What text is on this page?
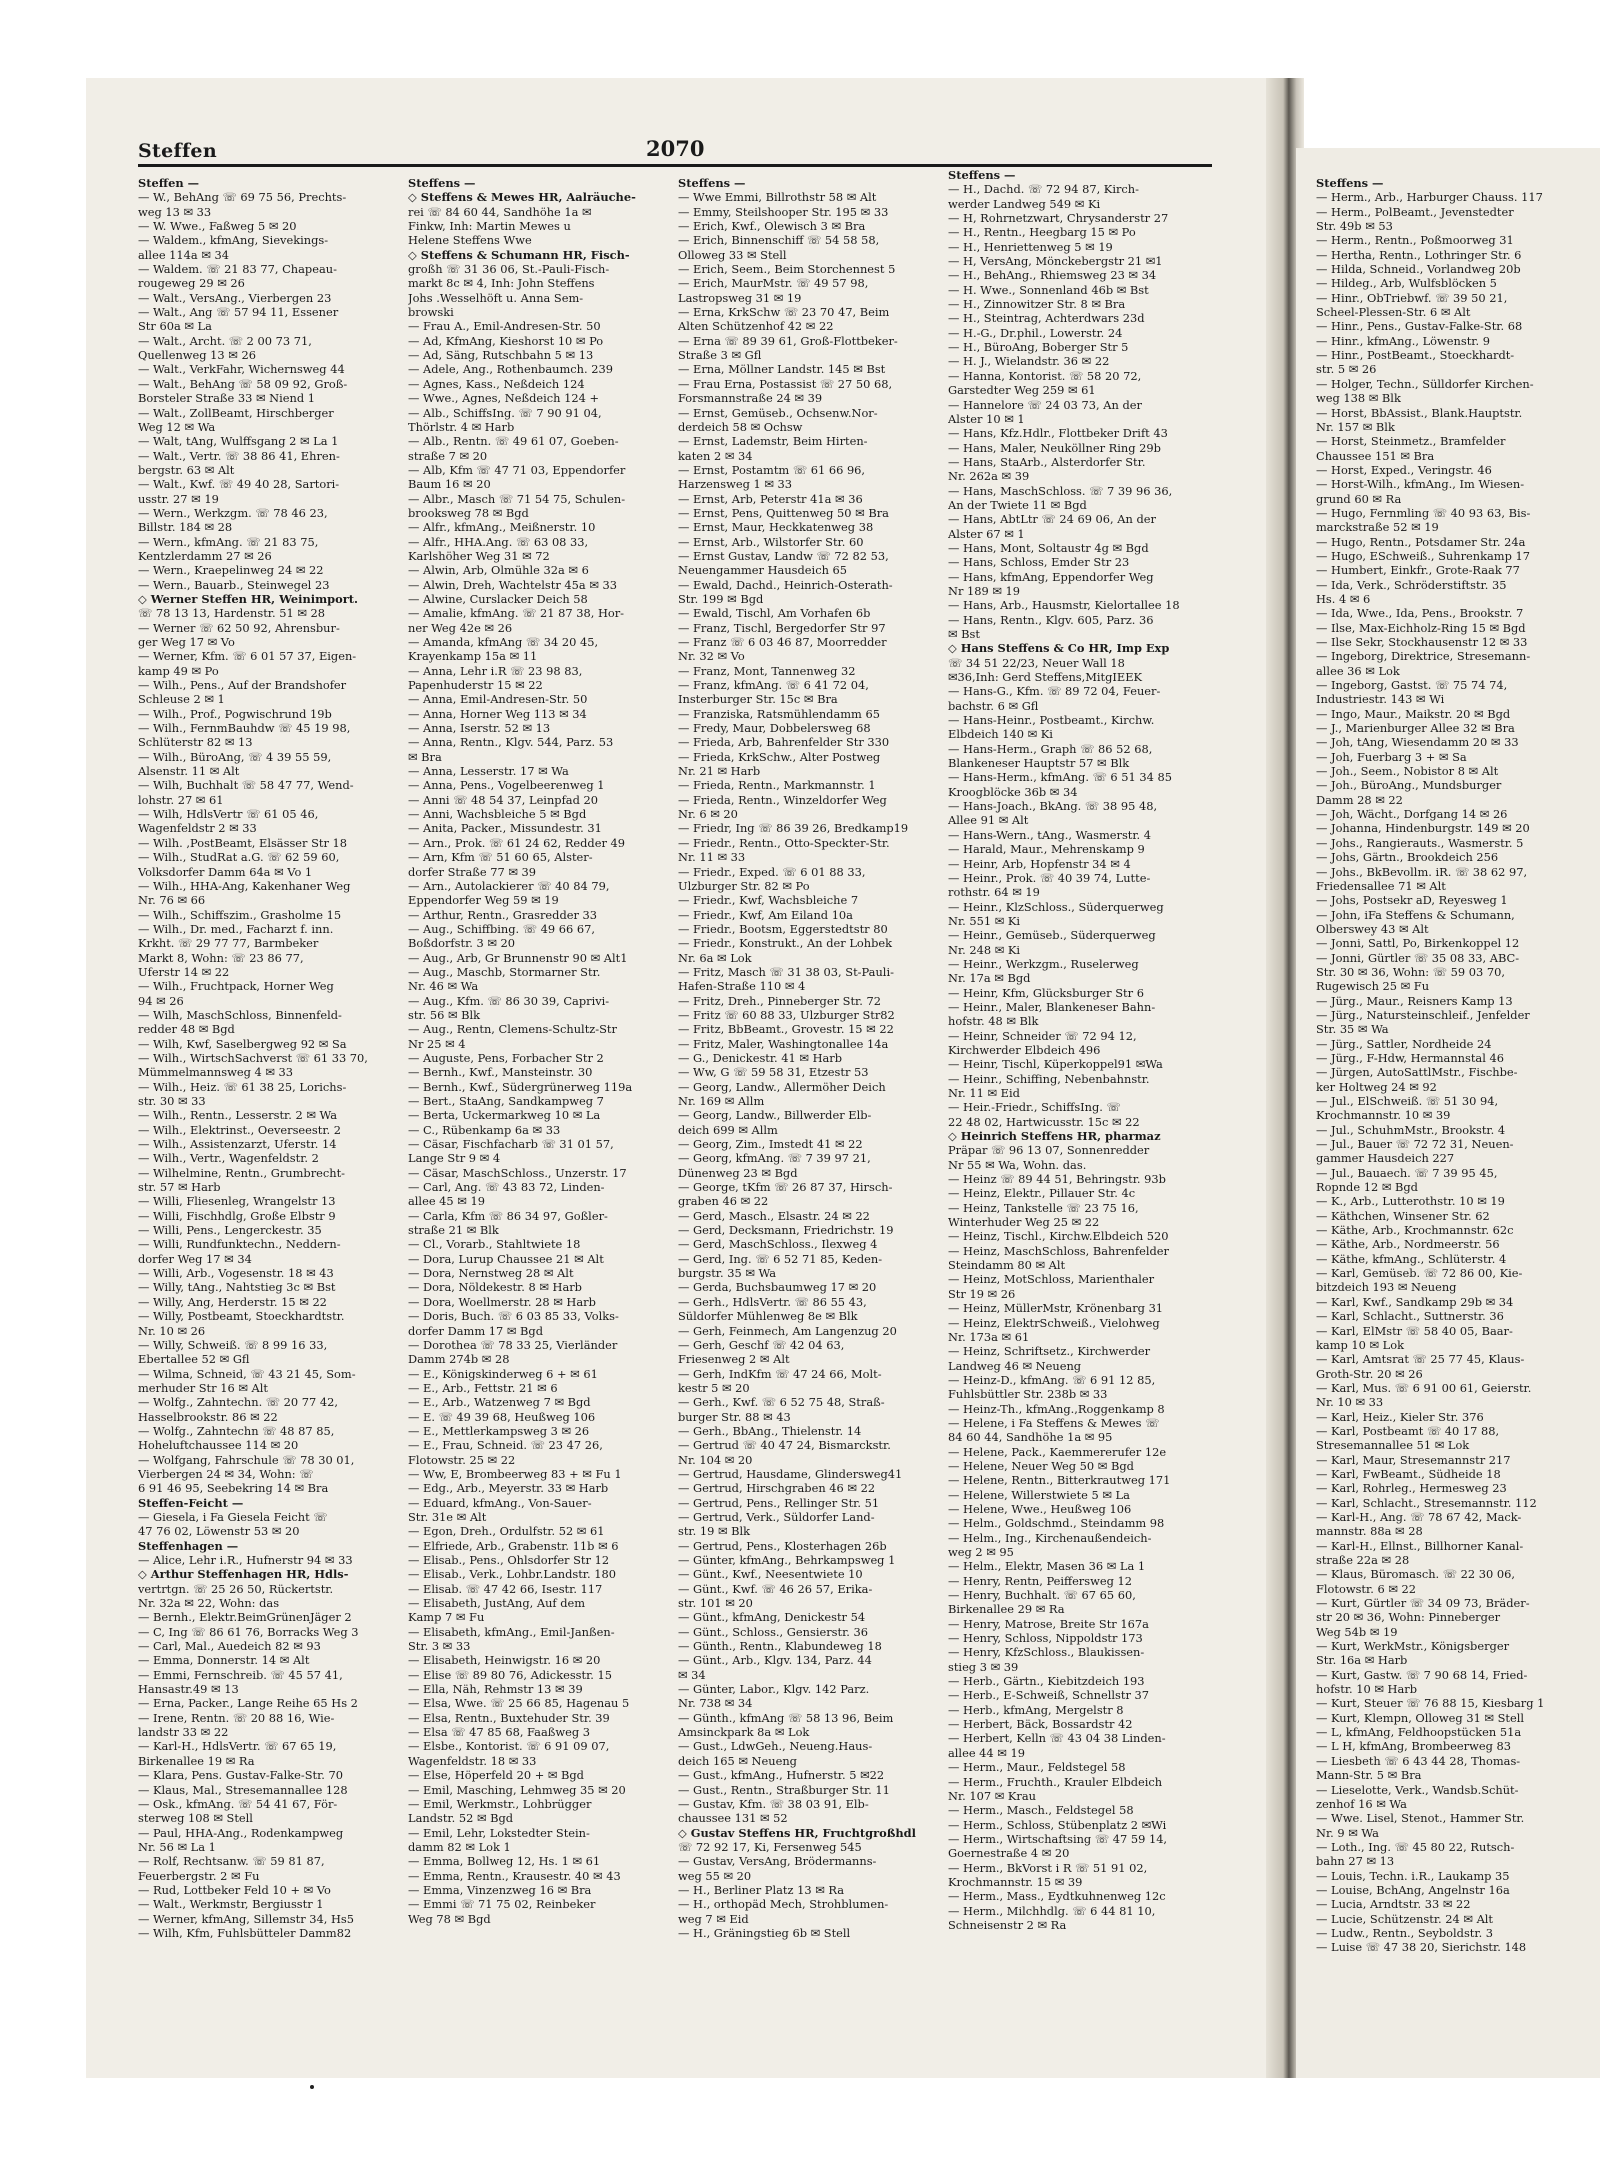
Steffen	2070
Steffen —
— W., BehAng ☏ 69 75 56, Prechts-
weg 13 ✉ 33
— W. Wwe., Faßweg 5 ✉ 20
— Waldem., kfmAng, Sievekings-
allee 114a ✉ 34
— Waldem. ☏ 21 83 77, Chapeau-
rougeweg 29 ✉ 26
— Walt., VersAng., Vierbergen 23
— Walt., Ang ☏ 57 94 11, Essener
Str 60a ✉ La
— Walt., Archt. ☏ 2 00 73 71,
Quellenweg 13 ✉ 26
— Walt., VerkFahr, Wichernsweg 44
— Walt., BehAng ☏ 58 09 92, Groß-
Borsteler Straße 33 ✉ Niend 1
— Walt., ZollBeamt, Hirschberger
Weg 12 ✉ Wa
— Walt, tAng, Wulffsgang 2 ✉ La 1
— Walt., Vertr. ☏ 38 86 41, Ehren-
bergstr. 63 ✉ Alt
— Walt., Kwf. ☏ 49 40 28, Sartori-
usstr. 27 ✉ 19
— Wern., Werkzgm. ☏ 78 46 23,
Billstr. 184 ✉ 28
— Wern., kfmAng. ☏ 21 83 75,
Kentzlerdamm 27 ✉ 26
— Wern., Kraepelinweg 24 ✉ 22
— Wern., Bauarb., Steinwegel 23
◇ Werner Steffen HR, Weinimport.
☏ 78 13 13, Hardenstr. 51 ✉ 28
— Werner ☏ 62 50 92, Ahrensbur-
ger Weg 17 ✉ Vo
— Werner, Kfm. ☏ 6 01 57 37, Eigen-
kamp 49 ✉ Po
— Wilh., Pens., Auf der Brandshofer
Schleuse 2 ✉ 1
— Wilh., Prof., Pogwischrund 19b
— Wilh., FernmBauhdw ☏ 45 19 98,
Schlüterstr 82 ✉ 13
— Wilh., BüroAng, ☏ 4 39 55 59,
Alsenstr. 11 ✉ Alt
— Wilh, Buchhalt ☏ 58 47 77, Wend-
lohstr. 27 ✉ 61
— Wilh, HdlsVertr ☏ 61 05 46,
Wagenfeldstr 2 ✉ 33
— Wilh. ,PostBeamt, Elsässer Str 18
— Wilh., StudRat a.G. ☏ 62 59 60,
Volksdorfer Damm 64a ✉ Vo 1
— Wilh., HHA-Ang, Kakenhaner Weg
Nr. 76 ✉ 66
— Wilh., Schiffszim., Grasholme 15
— Wilh., Dr. med., Facharzt f. inn.
Krkht. ☏ 29 77 77, Barmbeker
Markt 8, Wohn: ☏ 23 86 77,
Uferstr 14 ✉ 22
— Wilh., Fruchtpack, Horner Weg
94 ✉ 26
— Wilh, MaschSchloss, Binnenfeld-
redder 48 ✉ Bgd
— Wilh, Kwf, Saselbergweg 92 ✉ Sa
— Wilh., WirtschSachverst ☏ 61 33 70,
Mümmelmannsweg 4 ✉ 33
— Wilh., Heiz. ☏ 61 38 25, Lorichs-
str. 30 ✉ 33
— Wilh., Rentn., Lesserstr. 2 ✉ Wa
— Wilh., Elektrinst., Oeverseestr. 2
— Wilh., Assistenzarzt, Uferstr. 14
— Wilh., Vertr., Wagenfeldstr. 2
— Wilhelmine, Rentn., Grumbrecht-
str. 57 ✉ Harb
— Willi, Fliesenleg, Wrangelstr 13
— Willi, Fischhdlg, Große Elbstr 9
— Willi, Pens., Lengerckestr. 35
— Willi, Rundfunktechn., Neddern-
dorfer Weg 17 ✉ 34
— Willi, Arb., Vogesenstr. 18 ✉ 43
— Willy, tAng., Nahtstieg 3c ✉ Bst
— Willy, Ang, Herderstr. 15 ✉ 22
— Willy, Postbeamt, Stoeckhardtstr.
Nr. 10 ✉ 26
— Willy, Schweiß. ☏ 8 99 16 33,
Ebertallee 52 ✉ Gfl
— Wilma, Schneid, ☏ 43 21 45, Som-
merhuder Str 16 ✉ Alt
— Wolfg., Zahntechn. ☏ 20 77 42,
Hasselbrookstr. 86 ✉ 22
— Wolfg., Zahntechn ☏ 48 87 85,
Hoheluftchaussee 114 ✉ 20
— Wolfgang, Fahrschule ☏ 78 30 01,
Vierbergen 24 ✉ 34, Wohn: ☏
6 91 46 95, Seebekring 14 ✉ Bra
Steffen-Feicht —
— Giesela, i Fa Giesela Feicht ☏
47 76 02, Löwenstr 53 ✉ 20
Steffenhagen —
— Alice, Lehr i.R., Hufnerstr 94 ✉ 33
◇ Arthur Steffenhagen HR, Hdls-
vertrtgn. ☏ 25 26 50, Rückertstr.
Nr. 32a ✉ 22, Wohn: das
— Bernh., Elektr.BeimGrünenJäger 2
— C, Ing ☏ 86 61 76, Borracks Weg 3
— Carl, Mal., Auedeich 82 ✉ 93
— Emma, Donnerstr. 14 ✉ Alt
— Emmi, Fernschreib. ☏ 45 57 41,
Hansastr.49 ✉ 13
— Erna, Packer., Lange Reihe 65 Hs 2
— Irene, Rentn. ☏ 20 88 16, Wie-
landstr 33 ✉ 22
— Karl-H., HdlsVertr. ☏ 67 65 19,
Birkenallee 19 ✉ Ra
— Klara, Pens. Gustav-Falke-Str. 70
— Klaus, Mal., Stresemannallee 128
— Osk., kfmAng. ☏ 54 41 67, För-
sterweg 108 ✉ Stell
— Paul, HHA-Ang., Rodenkampweg
Nr. 56 ✉ La 1
— Rolf, Rechtsanw. ☏ 59 81 87,
Feuerbergstr. 2 ✉ Fu
— Rud, Lottbeker Feld 10 + ✉ Vo
— Walt., Werkmstr, Bergiusstr 1
— Werner, kfmAng, Sillemstr 34, Hs5
— Wilh, Kfm, Fuhlsbütteler Damm82
Steffens —
◇ Steffens & Mewes HR, Aalräuche-
rei ☏ 84 60 44, Sandhöhe 1a ✉
Finkw, Inh: Martin Mewes u
Helene Steffens Wwe
◇ Steffens & Schumann HR, Fisch-
großh ☏ 31 36 06, St.-Pauli-Fisch-
markt 8c ✉ 4, Inh: John Steffens
Johs .Wesselhöft u. Anna Sem-
browski
— Frau A., Emil-Andresen-Str. 50
— Ad, KfmAng, Kieshorst 10 ✉ Po
— Ad, Säng, Rutschbahn 5 ✉ 13
— Adele, Ang., Rothenbaumch. 239
— Agnes, Kass., Neßdeich 124
— Wwe., Agnes, Neßdeich 124 +
— Alb., SchiffsIng. ☏ 7 90 91 04,
Thörlstr. 4 ✉ Harb
— Alb., Rentn. ☏ 49 61 07, Goeben-
straße 7 ✉ 20
— Alb, Kfm ☏ 47 71 03, Eppendorfer
Baum 16 ✉ 20
— Albr., Masch ☏ 71 54 75, Schulen-
brooksweg 78 ✉ Bgd
— Alfr., kfmAng., Meißnerstr. 10
— Alfr., HHA.Ang. ☏ 63 08 33,
Karlshöher Weg 31 ✉ 72
— Alwin, Arb, Olmühle 32a ✉ 6
— Alwin, Dreh, Wachtelstr 45a ✉ 33
— Alwine, Curslacker Deich 58
— Amalie, kfmAng. ☏ 21 87 38, Hor-
ner Weg 42e ✉ 26
— Amanda, kfmAng ☏ 34 20 45,
Krayenkamp 15a ✉ 11
— Anna, Lehr i.R ☏ 23 98 83,
Papenhuderstr 15 ✉ 22
— Anna, Emil-Andresen-Str. 50
— Anna, Horner Weg 113 ✉ 34
— Anna, Iserstr. 52 ✉ 13
— Anna, Rentn., Klgv. 544, Parz. 53
✉ Bra
— Anna, Lesserstr. 17 ✉ Wa
— Anna, Pens., Vogelbeerenweg 1
— Anni ☏ 48 54 37, Leinpfad 20
— Anni, Wachsbleiche 5 ✉ Bgd
— Anita, Packer., Missundestr. 31
— Arn., Prok. ☏ 61 24 62, Redder 49
— Arn, Kfm ☏ 51 60 65, Alster-
dorfer Straße 77 ✉ 39
— Arn., Autolackierer ☏ 40 84 79,
Eppendorfer Weg 59 ✉ 19
— Arthur, Rentn., Grasredder 33
— Aug., Schiffbing. ☏ 49 66 67,
Boßdorfstr. 3 ✉ 20
— Aug., Arb, Gr Brunnenstr 90 ✉ Alt1
— Aug., Maschb, Stormarner Str.
Nr. 46 ✉ Wa
— Aug., Kfm. ☏ 86 30 39, Caprivi-
str. 56 ✉ Blk
— Aug., Rentn, Clemens-Schultz-Str
Nr 25 ✉ 4
— Auguste, Pens, Forbacher Str 2
— Bernh., Kwf., Mansteinstr. 30
— Bernh., Kwf., Südergrünerweg 119a
— Bert., StaAng, Sandkampweg 7
— Berta, Uckermarkweg 10 ✉ La
— C., Rübenkamp 6a ✉ 33
— Cäsar, Fischfacharb ☏ 31 01 57,
Lange Str 9 ✉ 4
— Cäsar, MaschSchloss., Unzerstr. 17
— Carl, Ang. ☏ 43 83 72, Linden-
allee 45 ✉ 19
— Carla, Kfm ☏ 86 34 97, Goßler-
straße 21 ✉ Blk
— Cl., Vorarb., Stahltwiete 18
— Dora, Lurup Chaussee 21 ✉ Alt
— Dora, Nernstweg 28 ✉ Alt
— Dora, Nöldekestr. 8 ✉ Harb
— Dora, Woellmerstr. 28 ✉ Harb
— Doris, Buch. ☏ 6 03 85 33, Volks-
dorfer Damm 17 ✉ Bgd
— Dorothea ☏ 78 33 25, Vierländer
Damm 274b ✉ 28
— E., Königskinderweg 6 + ✉ 61
— E., Arb., Fettstr. 21 ✉ 6
— E., Arb., Watzenweg 7 ✉ Bgd
— E. ☏ 49 39 68, Heußweg 106
— E., Mettlerkampsweg 3 ✉ 26
— E., Frau, Schneid. ☏ 23 47 26,
Flotowstr. 25 ✉ 22
— Ww, E, Brombeerweg 83 + ✉ Fu 1
— Edg., Arb., Meyerstr. 33 ✉ Harb
— Eduard, kfmAng., Von-Sauer-
Str. 31e ✉ Alt
— Egon, Dreh., Ordulfstr. 52 ✉ 61
— Elfriede, Arb., Grabenstr. 11b ✉ 6
— Elisab., Pens., Ohlsdorfer Str 12
— Elisab., Verk., Lohbr.Landstr. 180
— Elisab. ☏ 47 42 66, Isestr. 117
— Elisabeth, JustAng, Auf dem
Kamp 7 ✉ Fu
— Elisabeth, kfmAng., Emil-Janßen-
Str. 3 ✉ 33
— Elisabeth, Heinwigstr. 16 ✉ 20
— Elise ☏ 89 80 76, Adickesstr. 15
— Ella, Näh, Rehmstr 13 ✉ 39
— Elsa, Wwe. ☏ 25 66 85, Hagenau 5
— Elsa, Rentn., Buxtehuder Str. 39
— Elsa ☏ 47 85 68, Faaßweg 3
— Elsbe., Kontorist. ☏ 6 91 09 07,
Wagenfeldstr. 18 ✉ 33
— Else, Höperfeld 20 + ✉ Bgd
— Emil, Masching, Lehmweg 35 ✉ 20
— Emil, Werkmstr., Lohbrügger
Landstr. 52 ✉ Bgd
— Emil, Lehr, Lokstedter Stein-
damm 82 ✉ Lok 1
— Emma, Bollweg 12, Hs. 1 ✉ 61
— Emma, Rentn., Krausestr. 40 ✉ 43
— Emma, Vinzenzweg 16 ✉ Bra
— Emmi ☏ 71 75 02, Reinbeker
Weg 78 ✉ Bgd
Steffens —
— Wwe Emmi, Billrothstr 58 ✉ Alt
— Emmy, Steilshooper Str. 195 ✉ 33
— Erich, Kwf., Olewisch 3 ✉ Bra
— Erich, Binnenschiff ☏ 54 58 58,
Olloweg 33 ✉ Stell
— Erich, Seem., Beim Storchennest 5
— Erich, MaurMstr. ☏ 49 57 98,
Lastropsweg 31 ✉ 19
— Erna, KrkSchw ☏ 23 70 47, Beim
Alten Schützenhof 42 ✉ 22
— Erna ☏ 89 39 61, Groß-Flottbeker-
Straße 3 ✉ Gfl
— Erna, Möllner Landstr. 145 ✉ Bst
— Frau Erna, Postassist ☏ 27 50 68,
Forsmannstraße 24 ✉ 39
— Ernst, Gemüseb., Ochsenw.Nor-
derdeich 58 ✉ Ochsw
— Ernst, Lademstr, Beim Hirten-
katen 2 ✉ 34
— Ernst, Postamtm ☏ 61 66 96,
Harzensweg 1 ✉ 33
— Ernst, Arb, Peterstr 41a ✉ 36
— Ernst, Pens, Quittenweg 50 ✉ Bra
— Ernst, Maur, Heckkatenweg 38
— Ernst, Arb., Wilstorfer Str. 60
— Ernst Gustav, Landw ☏ 72 82 53,
Neuengammer Hausdeich 65
— Ewald, Dachd., Heinrich-Osterath-
Str. 199 ✉ Bgd
— Ewald, Tischl, Am Vorhafen 6b
— Franz, Tischl, Bergedorfer Str 97
— Franz ☏ 6 03 46 87, Moorredder
Nr. 32 ✉ Vo
— Franz, Mont, Tannenweg 32
— Franz, kfmAng. ☏ 6 41 72 04,
Insterburger Str. 15c ✉ Bra
— Franziska, Ratsmühlendamm 65
— Fredy, Maur, Dobbelersweg 68
— Frieda, Arb, Bahrenfelder Str 330
— Frieda, KrkSchw., Alter Postweg
Nr. 21 ✉ Harb
— Frieda, Rentn., Markmannstr. 1
— Frieda, Rentn., Winzeldorfer Weg
Nr. 6 ✉ 20
— Friedr, Ing ☏ 86 39 26, Bredkamp19
— Friedr., Rentn., Otto-Speckter-Str.
Nr. 11 ✉ 33
— Friedr., Exped. ☏ 6 01 88 33,
Ulzburger Str. 82 ✉ Po
— Friedr., Kwf, Wachsbleiche 7
— Friedr., Kwf, Am Eiland 10a
— Friedr., Bootsm, Eggerstedtstr 80
— Friedr., Konstrukt., An der Lohbek
Nr. 6a ✉ Lok
— Fritz, Masch ☏ 31 38 03, St-Pauli-
Hafen-Straße 110 ✉ 4
— Fritz, Dreh., Pinneberger Str. 72
— Fritz ☏ 60 88 33, Ulzburger Str82
— Fritz, BbBeamt., Grovestr. 15 ✉ 22
— Fritz, Maler, Washingtonallee 14a
— G., Denickestr. 41 ✉ Harb
— Ww, G ☏ 59 58 31, Etzestr 53
— Georg, Landw., Allermöher Deich
Nr. 169 ✉ Allm
— Georg, Landw., Billwerder Elb-
deich 699 ✉ Allm
— Georg, Zim., Imstedt 41 ✉ 22
— Georg, kfmAng. ☏ 7 39 97 21,
Dünenweg 23 ✉ Bgd
— George, tKfm ☏ 26 87 37, Hirsch-
graben 46 ✉ 22
— Gerd, Masch., Elsastr. 24 ✉ 22
— Gerd, Decksmann, Friedrichstr. 19
— Gerd, MaschSchloss., Ilexweg 4
— Gerd, Ing. ☏ 6 52 71 85, Keden-
burgstr. 35 ✉ Wa
— Gerda, Buchsbaumweg 17 ✉ 20
— Gerh., HdlsVertr. ☏ 86 55 43,
Süldorfer Mühlenweg 8e ✉ Blk
— Gerh, Feinmech, Am Langenzug 20
— Gerh, Geschf ☏ 42 04 63,
Friesenweg 2 ✉ Alt
— Gerh, IndKfm ☏ 47 24 66, Molt-
kestr 5 ✉ 20
— Gerh., Kwf. ☏ 6 52 75 48, Straß-
burger Str. 88 ✉ 43
— Gerh., BbAng., Thielenstr. 14
— Gertrud ☏ 40 47 24, Bismarckstr.
Nr. 104 ✉ 20
— Gertrud, Hausdame, Glindersweg41
— Gertrud, Hirschgraben 46 ✉ 22
— Gertrud, Pens., Rellinger Str. 51
— Gertrud, Verk., Süldorfer Land-
str. 19 ✉ Blk
— Gertrud, Pens., Klosterhagen 26b
— Günter, kfmAng., Behrkampsweg 1
— Günt., Kwf., Neesentwiete 10
— Günt., Kwf. ☏ 46 26 57, Erika-
str. 101 ✉ 20
— Günt., kfmAng, Denickestr 54
— Günt., Schloss., Gensierstr. 36
— Günth., Rentn., Klabundeweg 18
— Günt., Arb., Klgv. 134, Parz. 44
✉ 34
— Günter, Labor., Klgv. 142 Parz.
Nr. 738 ✉ 34
— Günth., kfmAng ☏ 58 13 96, Beim
Amsinckpark 8a ✉ Lok
— Gust., LdwGeh., Neueng.Haus-
deich 165 ✉ Neueng
— Gust., kfmAng., Hufnerstr. 5 ✉22
— Gust., Rentn., Straßburger Str. 11
— Gustav, Kfm. ☏ 38 03 91, Elb-
chaussee 131 ✉ 52
◇ Gustav Steffens HR, Fruchtgroßhdl
☏ 72 92 17, Ki, Fersenweg 545
— Gustav, VersAng, Brödermanns-
weg 55 ✉ 20
— H., Berliner Platz 13 ✉ Ra
— H., orthopäd Mech, Strohblumen-
weg 7 ✉ Eid
— H., Gräningstieg 6b ✉ Stell
Steffens —
— H., Dachd. ☏ 72 94 87, Kirch-
werder Landweg 549 ✉ Ki
— H, Rohrnetzwart, Chrysanderstr 27
— H., Rentn., Heegbarg 15 ✉ Po
— H., Henriettenweg 5 ✉ 19
— H, VersAng, Mönckebergstr 21 ✉1
— H., BehAng., Rhiemsweg 23 ✉ 34
— H. Wwe., Sonnenland 46b ✉ Bst
— H., Zinnowitzer Str. 8 ✉ Bra
— H., Steintrag, Achterdwars 23d
— H.-G., Dr.phil., Lowerstr. 24
— H., BüroAng, Boberger Str 5
— H. J., Wielandstr. 36 ✉ 22
— Hanna, Kontorist. ☏ 58 20 72,
Garstedter Weg 259 ✉ 61
— Hannelore ☏ 24 03 73, An der
Alster 10 ✉ 1
— Hans, Kfz.Hdlr., Flottbeker Drift 43
— Hans, Maler, Neuköllner Ring 29b
— Hans, StaArb., Alsterdorfer Str.
Nr. 262a ✉ 39
— Hans, MaschSchloss. ☏ 7 39 96 36,
An der Twiete 11 ✉ Bgd
— Hans, AbtLtr ☏ 24 69 06, An der
Alster 67 ✉ 1
— Hans, Mont, Soltaustr 4g ✉ Bgd
— Hans, Schloss, Emder Str 23
— Hans, kfmAng, Eppendorfer Weg
Nr 189 ✉ 19
— Hans, Arb., Hausmstr, Kielortallee 18
— Hans, Rentn., Klgv. 605, Parz. 36
✉ Bst
◇ Hans Steffens & Co HR, Imp Exp
☏ 34 51 22/23, Neuer Wall 18
✉36,Inh: Gerd Steffens,MitgIEEK
— Hans-G., Kfm. ☏ 89 72 04, Feuer-
bachstr. 6 ✉ Gfl
— Hans-Heinr., Postbeamt., Kirchw.
Elbdeich 140 ✉ Ki
— Hans-Herm., Graph ☏ 86 52 68,
Blankeneser Hauptstr 57 ✉ Blk
— Hans-Herm., kfmAng. ☏ 6 51 34 85
Kroogblöcke 36b ✉ 34
— Hans-Joach., BkAng. ☏ 38 95 48,
Allee 91 ✉ Alt
— Hans-Wern., tAng., Wasmerstr. 4
— Harald, Maur., Mehrenskamp 9
— Heinr, Arb, Hopfenstr 34 ✉ 4
— Heinr., Prok. ☏ 40 39 74, Lutte-
rothstr. 64 ✉ 19
— Heinr., KlzSchloss., Süderquerweg
Nr. 551 ✉ Ki
— Heinr., Gemüseb., Süderquerweg
Nr. 248 ✉ Ki
— Heinr., Werkzgm., Ruselerweg
Nr. 17a ✉ Bgd
— Heinr, Kfm, Glücksburger Str 6
— Heinr., Maler, Blankeneser Bahn-
hofstr. 48 ✉ Blk
— Heinr, Schneider ☏ 72 94 12,
Kirchwerder Elbdeich 496
— Heinr, Tischl, Küperkoppel91 ✉Wa
— Heinr., Schiffing, Nebenbahnstr.
Nr. 11 ✉ Eid
— Heir.-Friedr., SchiffsIng. ☏
22 48 02, Hartwicusstr. 15c ✉ 22
◇ Heinrich Steffens HR, pharmaz
Präpar ☏ 96 13 07, Sonnenredder
Nr 55 ✉ Wa, Wohn. das.
— Heinz ☏ 89 44 51, Behringstr. 93b
— Heinz, Elektr., Pillauer Str. 4c
— Heinz, Tankstelle ☏ 23 75 16,
Winterhuder Weg 25 ✉ 22
— Heinz, Tischl., Kirchw.Elbdeich 520
— Heinz, MaschSchloss, Bahrenfelder
Steindamm 80 ✉ Alt
— Heinz, MotSchloss, Marienthaler
Str 19 ✉ 26
— Heinz, MüllerMstr, Krönenbarg 31
— Heinz, ElektrSchweiß., Vielohweg
Nr. 173a ✉ 61
— Heinz, Schriftsetz., Kirchwerder
Landweg 46 ✉ Neueng
— Heinz-D., kfmAng. ☏ 6 91 12 85,
Fuhlsbüttler Str. 238b ✉ 33
— Heinz-Th., kfmAng.,Roggenkamp 8
— Helene, i Fa Steffens & Mewes ☏
84 60 44, Sandhöhe 1a ✉ 95
— Helene, Pack., Kaemmererufer 12e
— Helene, Neuer Weg 50 ✉ Bgd
— Helene, Rentn., Bitterkrautweg 171
— Helene, Willerstwiete 5 ✉ La
— Helene, Wwe., Heußweg 106
— Helm., Goldschmd., Steindamm 98
— Helm., Ing., Kirchenaußendeich-
weg 2 ✉ 95
— Helm., Elektr, Masen 36 ✉ La 1
— Henry, Rentn, Peiffersweg 12
— Henry, Buchhalt. ☏ 67 65 60,
Birkenallee 29 ✉ Ra
— Henry, Matrose, Breite Str 167a
— Henry, Schloss, Nippoldstr 173
— Henry, KfzSchloss., Blaukissen-
stieg 3 ✉ 39
— Herb., Gärtn., Kiebitzdeich 193
— Herb., E-Schweiß, Schnellstr 37
— Herb., kfmAng, Mergelstr 8
— Herbert, Bäck, Bossardstr 42
— Herbert, Kelln ☏ 43 04 38 Linden-
allee 44 ✉ 19
— Herm., Maur., Feldstegel 58
— Herm., Fruchth., Krauler Elbdeich
Nr. 107 ✉ Krau
— Herm., Masch., Feldstegel 58
— Herm., Schloss, Stübenplatz 2 ✉Wi
— Herm., Wirtschaftsing ☏ 47 59 14,
Goernestraße 4 ✉ 20
— Herm., BkVorst i R ☏ 51 91 02,
Krochmannstr. 15 ✉ 39
— Herm., Mass., Eydtkuhnenweg 12c
— Herm., Milchhdlg. ☏ 6 44 81 10,
Schneisenstr 2 ✉ Ra
Steffens —
— Herm., Arb., Harburger Chauss. 117
— Herm., PolBeamt., Jevenstedter
Str. 49b ✉ 53
— Herm., Rentn., Poßmoorweg 31
— Hertha, Rentn., Lothringer Str. 6
— Hilda, Schneid., Vorlandweg 20b
— Hildeg., Arb, Wulfsblöcken 5
— Hinr., ObTriebwf. ☏ 39 50 21,
Scheel-Plessen-Str. 6 ✉ Alt
— Hinr., Pens., Gustav-Falke-Str. 68
— Hinr., kfmAng., Löwenstr. 9
— Hinr., PostBeamt., Stoeckhardt-
str. 5 ✉ 26
— Holger, Techn., Sülldorfer Kirchen-
weg 138 ✉ Blk
— Horst, BbAssist., Blank.Hauptstr.
Nr. 157 ✉ Blk
— Horst, Steinmetz., Bramfelder
Chaussee 151 ✉ Bra
— Horst, Exped., Veringstr. 46
— Horst-Wilh., kfmAng., Im Wiesen-
grund 60 ✉ Ra
— Hugo, Fernmling ☏ 40 93 63, Bis-
marckstraße 52 ✉ 19
— Hugo, Rentn., Potsdamer Str. 24a
— Hugo, ESchweiß., Suhrenkamp 17
— Humbert, Einkfr., Grote-Raak 77
— Ida, Verk., Schröderstiftstr. 35
Hs. 4 ✉ 6
— Ida, Wwe., Ida, Pens., Brookstr. 7
— Ilse, Max-Eichholz-Ring 15 ✉ Bgd
— Ilse Sekr, Stockhausenstr 12 ✉ 33
— Ingeborg, Direktrice, Stresemann-
allee 36 ✉ Lok
— Ingeborg, Gastst. ☏ 75 74 74,
Industriestr. 143 ✉ Wi
— Ingo, Maur., Maikstr. 20 ✉ Bgd
— J., Marienburger Allee 32 ✉ Bra
— Joh, tAng, Wiesendamm 20 ✉ 33
— Joh, Fuerbarg 3 + ✉ Sa
— Joh., Seem., Nobistor 8 ✉ Alt
— Joh., BüroAng., Mundsburger
Damm 28 ✉ 22
— Joh, Wächt., Dorfgang 14 ✉ 26
— Johanna, Hindenburgstr. 149 ✉ 20
— Johs., Rangierauts., Wasmerstr. 5
— Johs, Gärtn., Brookdeich 256
— Johs., BkBevollm. iR. ☏ 38 62 97,
Friedensallee 71 ✉ Alt
— Johs, Postsekr aD, Reyesweg 1
— John, iFa Steffens & Schumann,
Olberswey 43 ✉ Alt
— Jonni, Sattl, Po, Birkenkoppel 12
— Jonni, Gürtler ☏ 35 08 33, ABC-
Str. 30 ✉ 36, Wohn: ☏ 59 03 70,
Rugewisch 25 ✉ Fu
— Jürg., Maur., Reisners Kamp 13
— Jürg., Natursteinschleif., Jenfelder
Str. 35 ✉ Wa
— Jürg., Sattler, Nordheide 24
— Jürg., F-Hdw, Hermannstal 46
— Jürgen, AutoSattlMstr., Fischbe-
ker Holtweg 24 ✉ 92
— Jul., ElSchweiß. ☏ 51 30 94,
Krochmannstr. 10 ✉ 39
— Jul., SchuhmMstr., Brookstr. 4
— Jul., Bauer ☏ 72 72 31, Neuen-
gammer Hausdeich 227
— Jul., Bauaech. ☏ 7 39 95 45,
Ropnde 12 ✉ Bgd
— K., Arb., Lutterothstr. 10 ✉ 19
— Käthchen, Winsener Str. 62
— Käthe, Arb., Krochmannstr. 62c
— Käthe, Arb., Nordmeerstr. 56
— Käthe, kfmAng., Schlüterstr. 4
— Karl, Gemüseb. ☏ 72 86 00, Kie-
bitzdeich 193 ✉ Neueng
— Karl, Kwf., Sandkamp 29b ✉ 34
— Karl, Schlacht., Suttnerstr. 36
— Karl, ElMstr ☏ 58 40 05, Baar-
kamp 10 ✉ Lok
— Karl, Amtsrat ☏ 25 77 45, Klaus-
Groth-Str. 20 ✉ 26
— Karl, Mus. ☏ 6 91 00 61, Geierstr.
Nr. 10 ✉ 33
— Karl, Heiz., Kieler Str. 376
— Karl, Postbeamt ☏ 40 17 88,
Stresemannallee 51 ✉ Lok
— Karl, Maur, Stresemannstr 217
— Karl, FwBeamt., Südheide 18
— Karl, Rohrleg., Hermesweg 23
— Karl, Schlacht., Stresemannstr. 112
— Karl-H., Ang. ☏ 78 67 42, Mack-
mannstr. 88a ✉ 28
— Karl-H., Ellnst., Billhorner Kanal-
straße 22a ✉ 28
— Klaus, Büromasch. ☏ 22 30 06,
Flotowstr. 6 ✉ 22
— Kurt, Gürtler ☏ 34 09 73, Bräder-
str 20 ✉ 36, Wohn: Pinneberger
Weg 54b ✉ 19
— Kurt, WerkMstr., Königsberger
Str. 16a ✉ Harb
— Kurt, Gastw. ☏ 7 90 68 14, Fried-
hofstr. 10 ✉ Harb
— Kurt, Steuer ☏ 76 88 15, Kiesbarg 1
— Kurt, Klempn, Olloweg 31 ✉ Stell
— L, kfmAng, Feldhoopstücken 51a
— L H, kfmAng, Brombeerweg 83
— Liesbeth ☏ 6 43 44 28, Thomas-
Mann-Str. 5 ✉ Bra
— Lieselotte, Verk., Wandsb.Schüt-
zenhof 16 ✉ Wa
— Wwe. Lisel, Stenot., Hammer Str.
Nr. 9 ✉ Wa
— Loth., Ing. ☏ 45 80 22, Rutsch-
bahn 27 ✉ 13
— Louis, Techn. i.R., Laukamp 35
— Louise, BchAng, Angelnstr 16a
— Lucia, Arndtstr. 33 ✉ 22
— Lucie, Schützenstr. 24 ✉ Alt
— Ludw., Rentn., Seyboldstr. 3
— Luise ☏ 47 38 20, Sierichstr. 148
